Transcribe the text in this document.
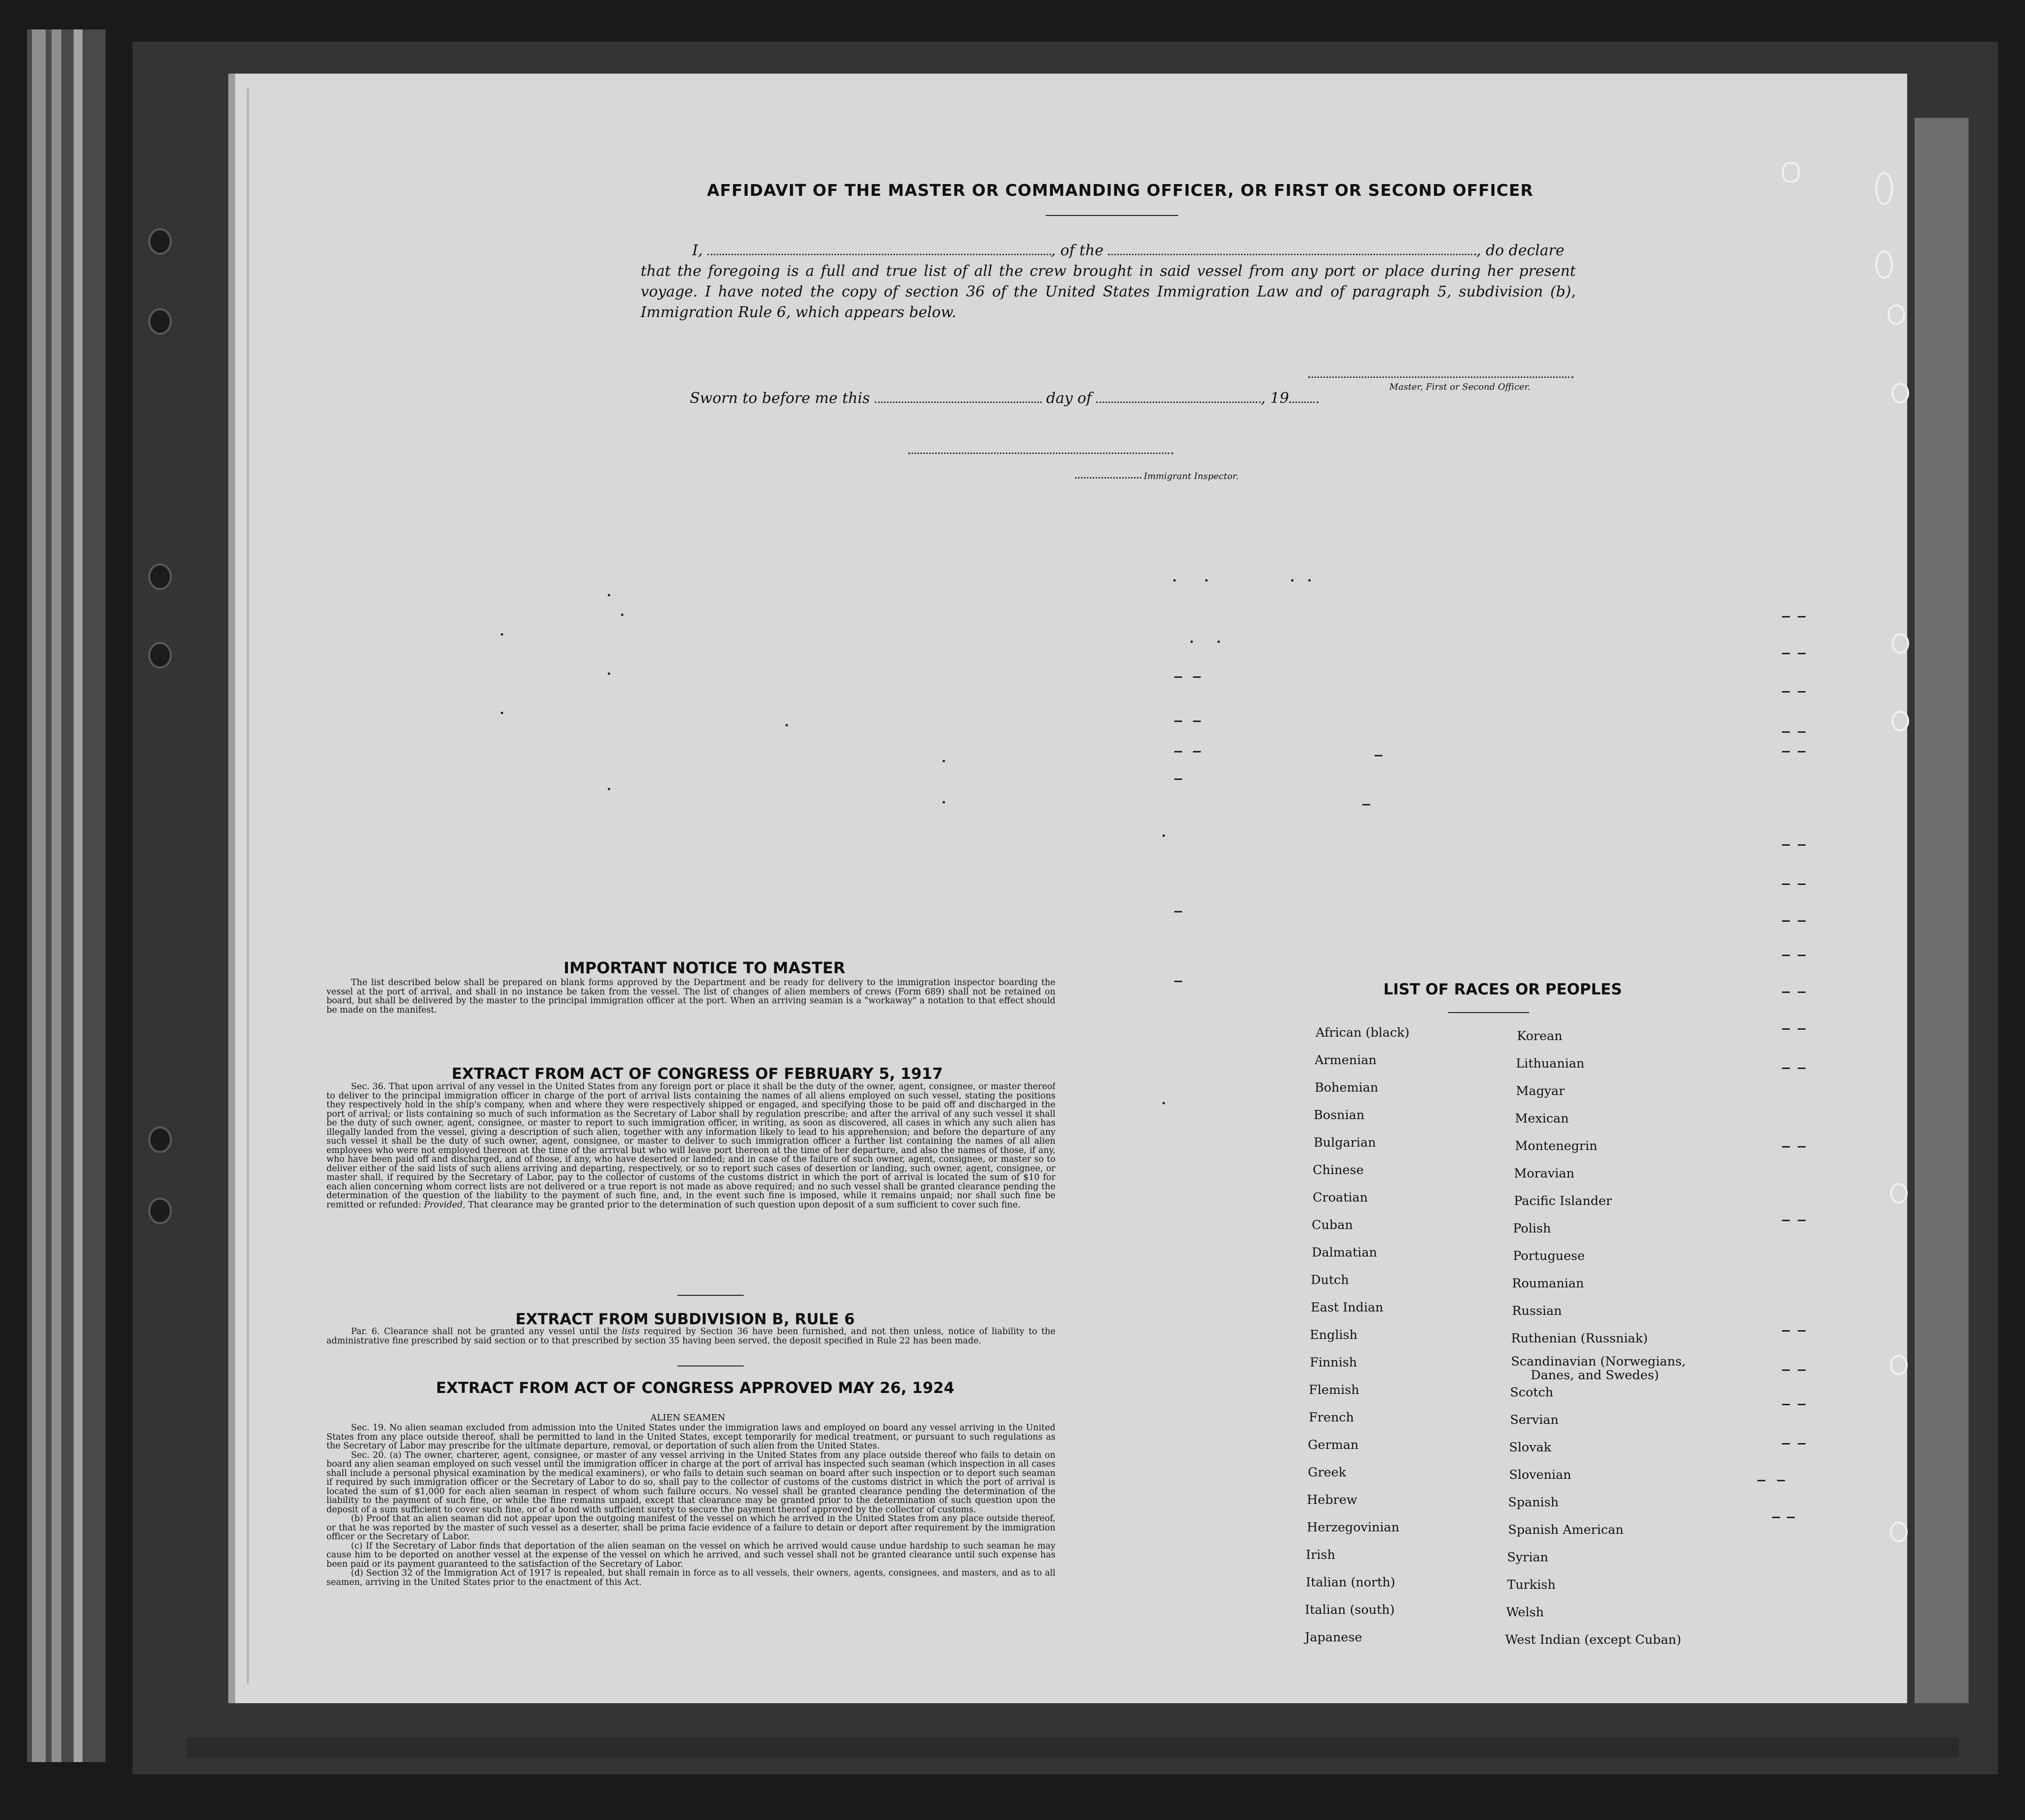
AFFIDAVIT OF THE MASTER OR COMMANDING OFFICER, OR FIRST OR SECOND OFFICER

I,	, of the	, do declare

that the foregoing is a full and true list of all the crew brought in said vessel from any port or place during her present voyage. I have noted the copy of section 36 of the United States Immigration Law and of paragraph 5, subdivision (b), Immigration Rule 6, which appears below.

Master, First or Second Officer.
Sworn to before me this	day of	, 19
Immigrant Inspector.
IMPORTANT NOTICE TO MASTER

The list described below shall be prepared on blank forms approved by the Department and be ready for delivery to the immigration inspector boarding the vessel at the port of arrival, and shall in no instance be taken from the vessel. The list of changes of alien members of crews (Form 689) shall not be retained on board, but shall be delivered by the master to the principal immigration officer at the port. When an arriving seaman is a "workaway" a notation to that effect should be made on the manifest.

EXTRACT FROM ACT OF CONGRESS OF FEBRUARY 5, 1917

Sec. 36. That upon arrival of any vessel in the United States from any foreign port or place it shall be the duty of the owner, agent, consignee, or master thereof to deliver to the principal immigration officer in charge of the port of arrival lists containing the names of all aliens employed on such vessel, stating the positions they respectively hold in the ship's company, when and where they were respectively shipped or engaged, and specifying those to be paid off and discharged in the port of arrival; or lists containing so much of such information as the Secretary of Labor shall by regulation prescribe; and after the arrival of any such vessel it shall be the duty of such owner, agent, consignee, or master to report to such immigration officer, in writing, as soon as discovered, all cases in which any such alien has illegally landed from the vessel, giving a description of such alien, together with any information likely to lead to his apprehension; and before the departure of any such vessel it shall be the duty of such owner, agent, consignee, or master to deliver to such immigration officer a further list containing the names of all alien employees who were not employed thereon at the time of the arrival but who will leave port thereon at the time of her departure, and also the names of those, if any, who have been paid off and discharged, and of those, if any, who have deserted or landed; and in case of the failure of such owner, agent, consignee, or master so to deliver either of the said lists of such aliens arriving and departing, respectively, or so to report such cases of desertion or landing, such owner, agent, consignee, or master shall, if required by the Secretary of Labor, pay to the collector of customs of the customs district in which the port of arrival is located the sum of $10 for each alien concerning whom correct lists are not delivered or a true report is not made as above required; and no such vessel shall be granted clearance pending the determination of the question of the liability to the payment of such fine, and, in the event such fine is imposed, while it remains unpaid; nor shall such fine be remitted or refunded: Provided, That clearance may be granted prior to the determination of such question upon deposit of a sum sufficient to cover such fine.

EXTRACT FROM SUBDIVISION B, RULE 6

Par. 6. Clearance shall not be granted any vessel until the lists required by Section 36 have been furnished, and not then unless, notice of liability to the administrative fine prescribed by said section or to that prescribed by section 35 having been served, the deposit specified in Rule 22 has been made.

EXTRACT FROM ACT OF CONGRESS APPROVED MAY 26, 1924
ALIEN SEAMEN

Sec. 19. No alien seaman excluded from admission into the United States under the immigration laws and employed on board any vessel arriving in the United States from any place outside thereof, shall be permitted to land in the United States, except temporarily for medical treatment, or pursuant to such regulations as the Secretary of Labor may prescribe for the ultimate departure, removal, or deportation of such alien from the United States.

Sec. 20. (a) The owner, charterer, agent, consignee, or master of any vessel arriving in the United States from any place outside thereof who fails to detain on board any alien seaman employed on such vessel until the immigration officer in charge at the port of arrival has inspected such seaman (which inspection in all cases shall include a personal physical examination by the medical examiners), or who fails to detain such seaman on board after such inspection or to deport such seaman if required by such immigration officer or the Secretary of Labor to do so, shall pay to the collector of customs of the customs district in which the port of arrival is located the sum of $1,000 for each alien seaman in respect of whom such failure occurs. No vessel shall be granted clearance pending the determination of the liability to the payment of such fine, or while the fine remains unpaid, except that clearance may be granted prior to the determination of such question upon the deposit of a sum sufficient to cover such fine, or of a bond with sufficient surety to secure the payment thereof approved by the collector of customs.

(b) Proof that an alien seaman did not appear upon the outgoing manifest of the vessel on which he arrived in the United States from any place outside thereof, or that he was reported by the master of such vessel as a deserter, shall be prima facie evidence of a failure to detain or deport after requirement by the immigration officer or the Secretary of Labor.

(c) If the Secretary of Labor finds that deportation of the alien seaman on the vessel on which he arrived would cause undue hardship to such seaman he may cause him to be deported on another vessel at the expense of the vessel on which he arrived, and such vessel shall not be granted clearance until such expense has been paid or its payment guaranteed to the satisfaction of the Secretary of Labor.

(d) Section 32 of the Immigration Act of 1917 is repealed, but shall remain in force as to all vessels, their owners, agents, consignees, and masters, and as to all seamen, arriving in the United States prior to the enactment of this Act.

LIST OF RACES OR PEOPLES
African (black)
Armenian
Bohemian
Bosnian
Bulgarian
Chinese
Croatian
Cuban
Dalmatian
Dutch
East Indian
English
Finnish
Flemish
French
German
Greek
Hebrew
Herzegovinian
Irish
Italian (north)
Italian (south)
Japanese
Korean
Lithuanian
Magyar
Mexican
Montenegrin
Moravian
Pacific Islander
Polish
Portuguese
Roumanian
Russian
Ruthenian (Russniak)
Scandinavian (Norwegians,
Danes, and Swedes)
Scotch
Servian
Slovak
Slovenian
Spanish
Spanish American
Syrian
Turkish
Welsh
West Indian (except Cuban)
